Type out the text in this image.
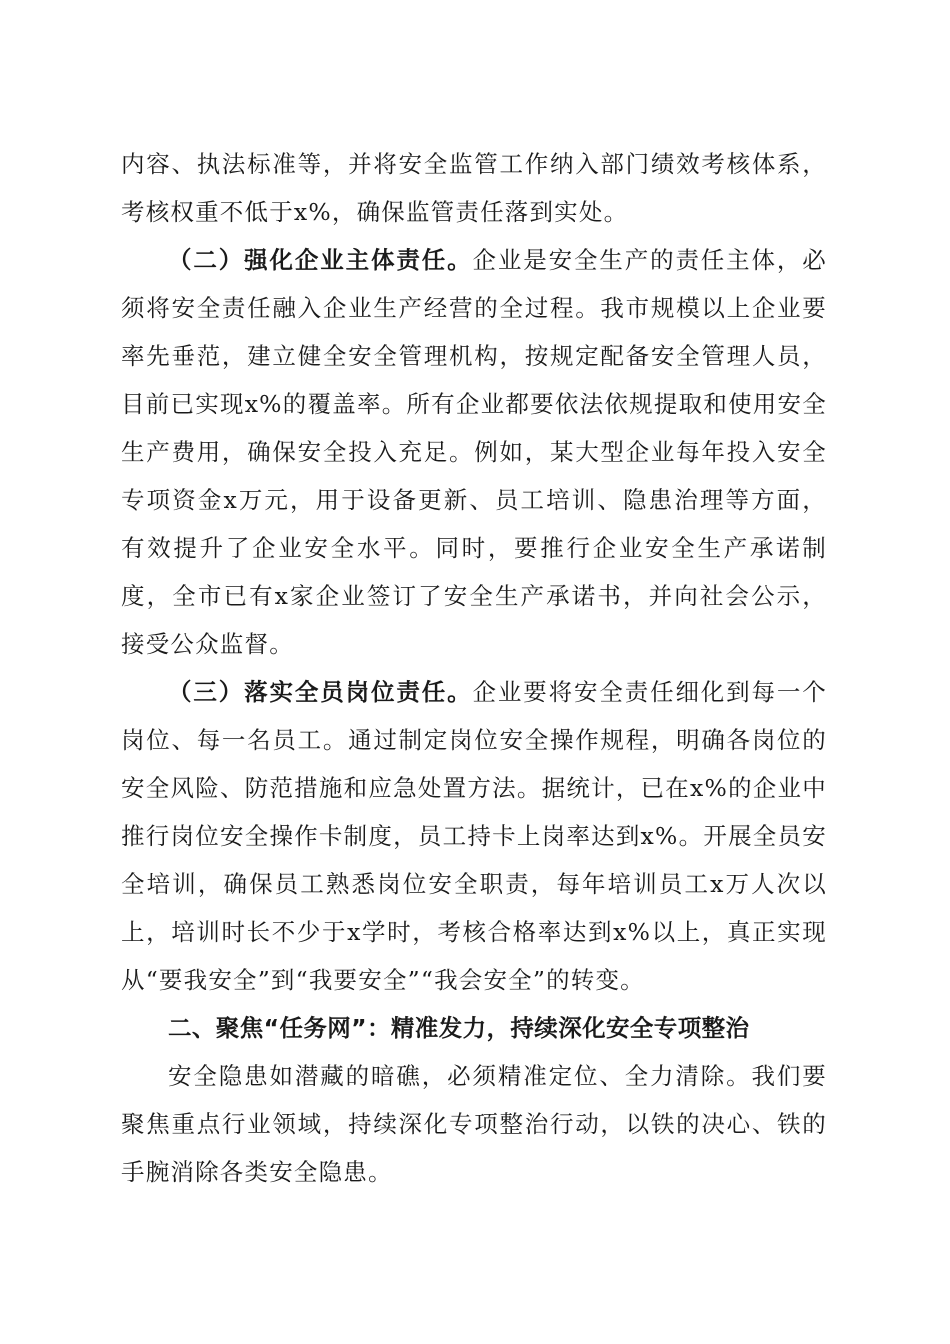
内容、执法标准等，并将安全监管工作纳入部门绩效考核体系，考核权重不低于x%，确保监管责任落到实处。

（二）强化企业主体责任。企业是安全生产的责任主体，必须将安全责任融入企业生产经营的全过程。我市规模以上企业要率先垂范，建立健全安全管理机构，按规定配备安全管理人员，目前已实现x%的覆盖率。所有企业都要依法依规提取和使用安全生产费用，确保安全投入充足。例如，某大型企业每年投入安全专项资金x万元，用于设备更新、员工培训、隐患治理等方面，有效提升了企业安全水平。同时，要推行企业安全生产承诺制度，全市已有x家企业签订了安全生产承诺书，并向社会公示，接受公众监督。

（三）落实全员岗位责任。企业要将安全责任细化到每一个岗位、每一名员工。通过制定岗位安全操作规程，明确各岗位的安全风险、防范措施和应急处置方法。据统计，已在x%的企业中推行岗位安全操作卡制度，员工持卡上岗率达到x%。开展全员安全培训，确保员工熟悉岗位安全职责，每年培训员工x万人次以上，培训时长不少于x学时，考核合格率达到x%以上，真正实现从“要我安全”到“我要安全”“我会安全”的转变。

二、聚焦“任务网”：精准发力，持续深化安全专项整治

安全隐患如潜藏的暗礁，必须精准定位、全力清除。我们要聚焦重点行业领域，持续深化专项整治行动，以铁的决心、铁的手腕消除各类安全隐患。
